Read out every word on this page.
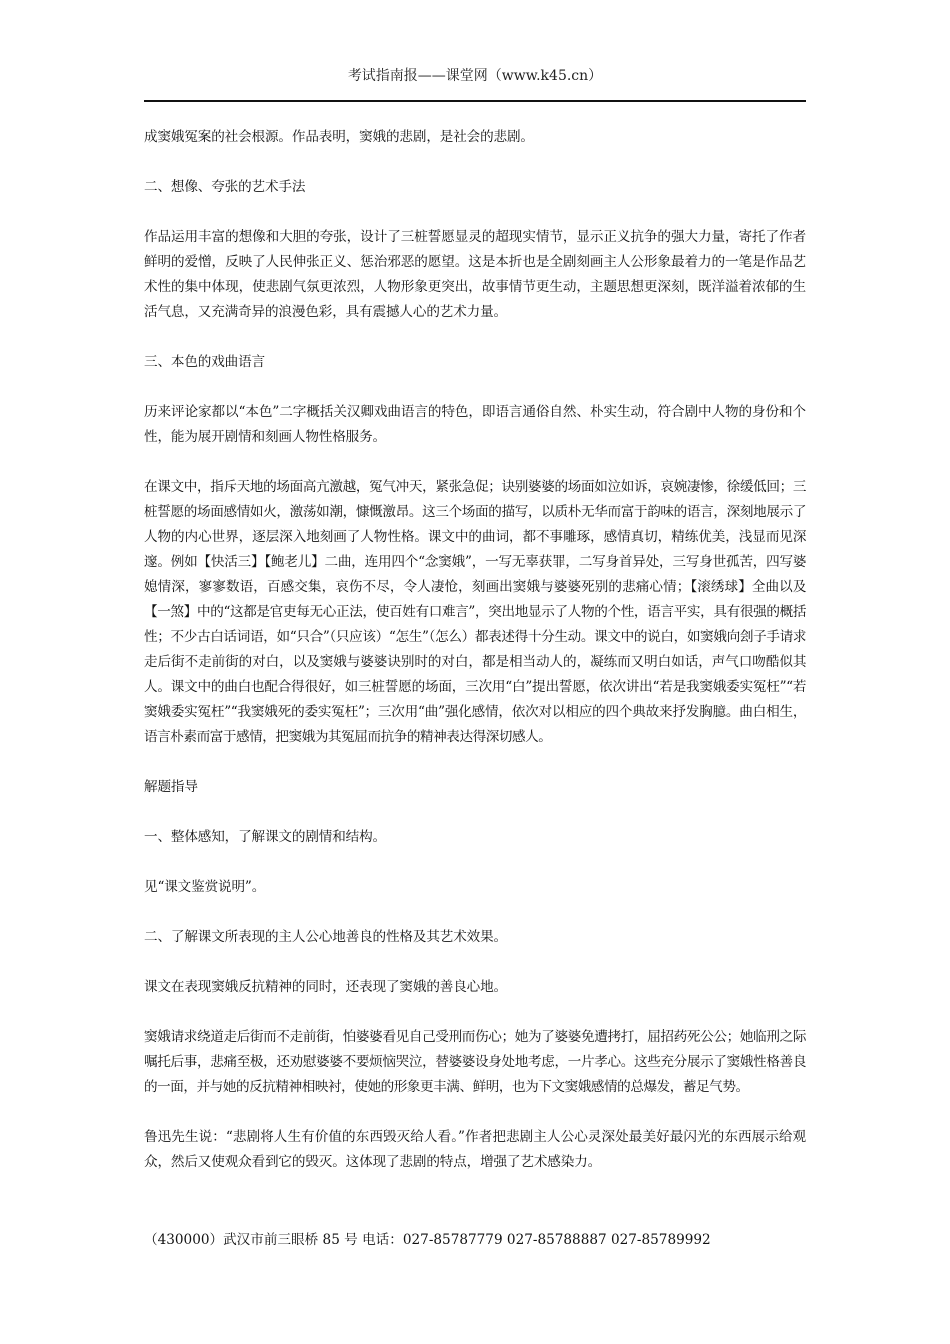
考试指南报——课堂网（www.k45.cn）

成窦娥冤案的社会根源。作品表明，窦娥的悲剧，是社会的悲剧。

二、想像、夸张的艺术手法

作品运用丰富的想像和大胆的夸张，设计了三桩誓愿显灵的超现实情节，显示正义抗争的强大力量，寄托了作者鲜明的爱憎，反映了人民伸张正义、惩治邪恶的愿望。这是本折也是全剧刻画主人公形象最着力的一笔是作品艺术性的集中体现，使悲剧气氛更浓烈，人物形象更突出，故事情节更生动，主题思想更深刻，既洋溢着浓郁的生活气息，又充满奇异的浪漫色彩，具有震撼人心的艺术力量。

三、本色的戏曲语言

历来评论家都以“本色”二字概括关汉卿戏曲语言的特色，即语言通俗自然、朴实生动，符合剧中人物的身份和个性，能为展开剧情和刻画人物性格服务。

在课文中，指斥天地的场面高亢激越，冤气冲天，紧张急促；诀别婆婆的场面如泣如诉，哀婉凄惨，徐缓低回；三桩誓愿的场面感情如火，激荡如潮，慷慨激昂。这三个场面的描写，以质朴无华而富于韵味的语言，深刻地展示了人物的内心世界，逐层深入地刻画了人物性格。课文中的曲词，都不事雕琢，感情真切，精练优美，浅显而见深邃。例如【快活三】【鲍老儿】二曲，连用四个“念窦娥”，一写无辜获罪，二写身首异处，三写身世孤苦，四写婆媳情深，寥寥数语，百感交集，哀伤不尽，令人凄怆，刻画出窦娥与婆婆死别的悲痛心情；【滚绣球】全曲以及【一煞】中的“这都是官吏每无心正法，使百姓有口难言”，突出地显示了人物的个性，语言平实，具有很强的概括性；不少古白话词语，如“只合”（只应该）“怎生”（怎么）都表述得十分生动。课文中的说白，如窦娥向刽子手请求走后街不走前街的对白，以及窦娥与婆婆诀别时的对白，都是相当动人的，凝练而又明白如话，声气口吻酷似其人。课文中的曲白也配合得很好，如三桩誓愿的场面，三次用“白”提出誓愿，依次讲出“若是我窦娥委实冤枉”“若窦娥委实冤枉”“我窦娥死的委实冤枉”；三次用“曲”强化感情，依次对以相应的四个典故来抒发胸臆。曲白相生，语言朴素而富于感情，把窦娥为其冤屈而抗争的精神表达得深切感人。

解题指导

一、整体感知，了解课文的剧情和结构。

见“课文鉴赏说明”。

二、了解课文所表现的主人公心地善良的性格及其艺术效果。

课文在表现窦娥反抗精神的同时，还表现了窦娥的善良心地。

窦娥请求绕道走后街而不走前街，怕婆婆看见自己受刑而伤心；她为了婆婆免遭拷打，屈招药死公公；她临刑之际嘱托后事，悲痛至极，还劝慰婆婆不要烦恼哭泣，替婆婆设身处地考虑，一片孝心。这些充分展示了窦娥性格善良的一面，并与她的反抗精神相映衬，使她的形象更丰满、鲜明，也为下文窦娥感情的总爆发，蓄足气势。

鲁迅先生说：“悲剧将人生有价值的东西毁灭给人看。”作者把悲剧主人公心灵深处最美好最闪光的东西展示给观众，然后又使观众看到它的毁灭。这体现了悲剧的特点，增强了艺术感染力。

（430000）武汉市前三眼桥 85 号 电话：027-85787779 027-85788887 027-85789992
